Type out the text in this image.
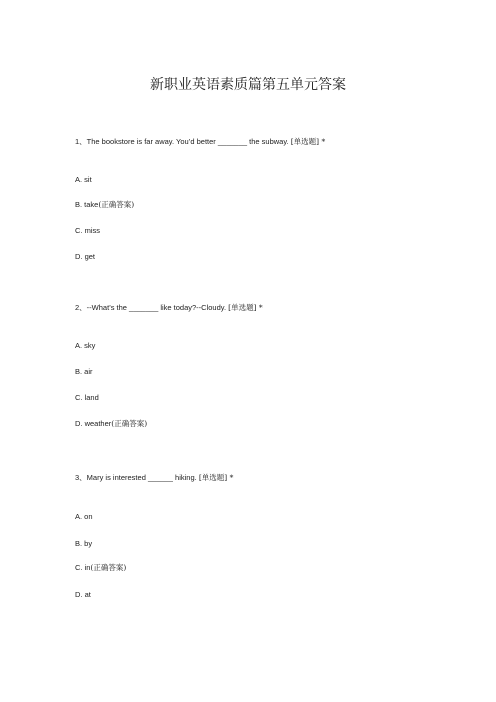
新职业英语素质篇第五单元答案
1、The bookstore is far away. You’d better _______ the subway. [单选题] *
A. sit
B. take(正确答案)
C. miss
D. get
2、--What’s the _______ like today?--Cloudy. [单选题] *
A. sky
B. air
C. land
D. weather(正确答案)
3、Mary is interested ______ hiking. [单选题] *
A. on
B. by
C. in(正确答案)
D. at
